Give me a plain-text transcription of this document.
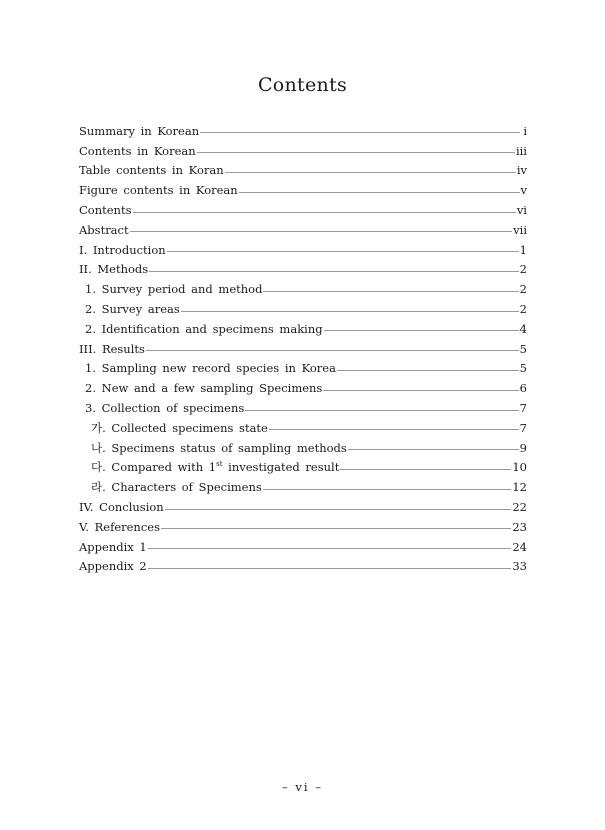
Contents
Summary in Korean	i
Contents in Korean	iii
Table contents in Koran	iv
Figure contents in Korean	v
Contents	vi
Abstract	vii
I. Introduction	1
II. Methods	2
1. Survey period and method	2
2. Survey areas	2
2. Identification and specimens making	4
III. Results	5
1. Sampling new record species in Korea	5
2. New and a few sampling Specimens	6
3. Collection of specimens	7
가. Collected specimens state	7
나. Specimens status of sampling methods	9
다. Compared with 1st investigated result	10
라. Characters of Specimens	12
IV. Conclusion	22
V. References	23
Appendix 1	24
Appendix 2	33
– vi –
